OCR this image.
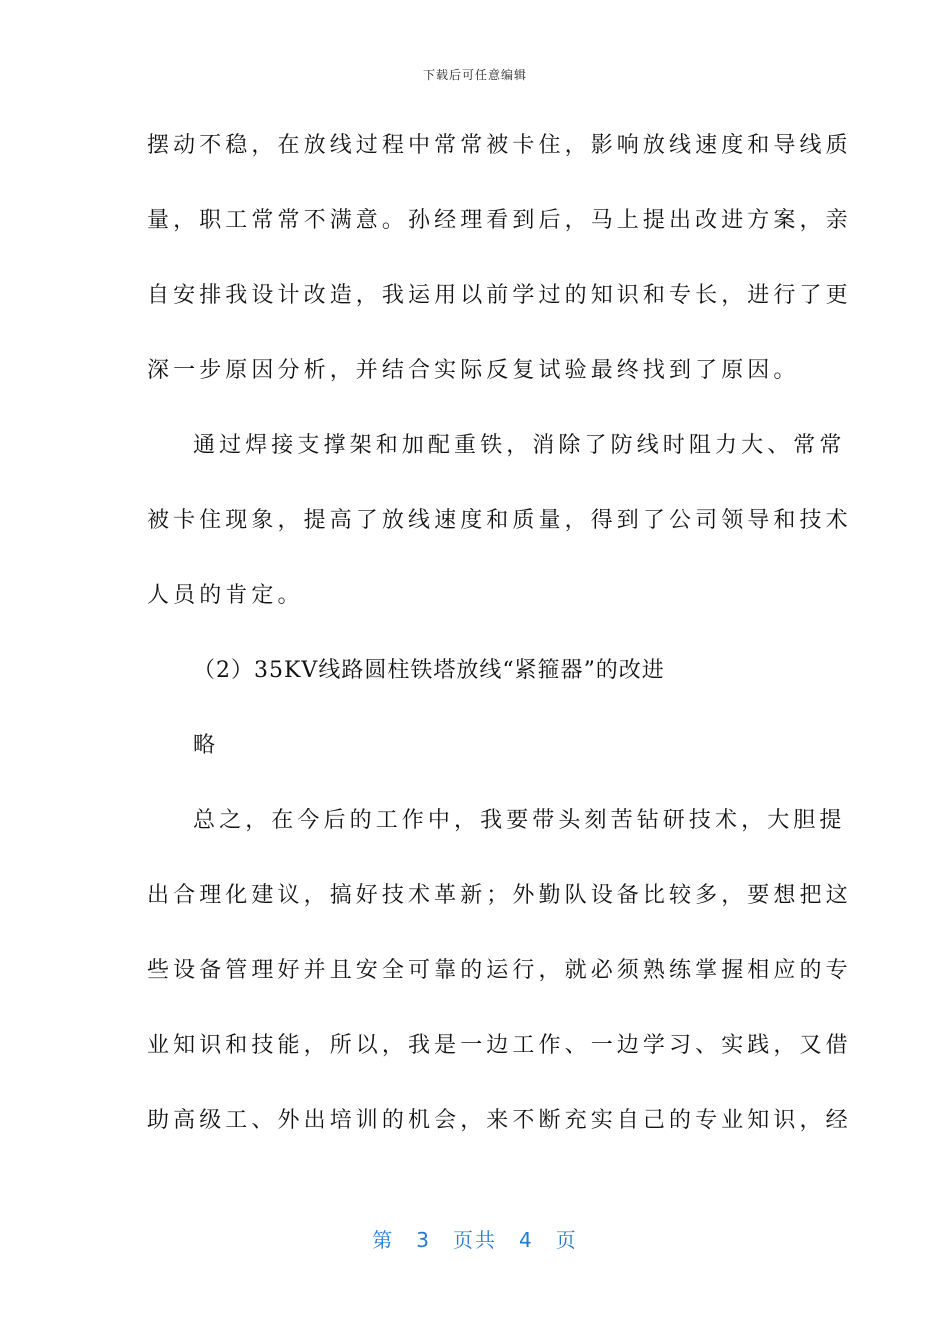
下载后可任意编辑
摆动不稳，在放线过程中常常被卡住，影响放线速度和导线质
量，职工常常不满意。孙经理看到后，马上提出改进方案，亲
自安排我设计改造，我运用以前学过的知识和专长，进行了更
深一步原因分析，并结合实际反复试验最终找到了原因。
通过焊接支撑架和加配重铁，消除了防线时阻力大、常常
被卡住现象，提高了放线速度和质量，得到了公司领导和技术
人员的肯定。
（2）35KV线路圆柱铁塔放线“紧箍器”的改进
略
总之，在今后的工作中，我要带头刻苦钻研技术，大胆提
出合理化建议，搞好技术革新；外勤队设备比较多，要想把这
些设备管理好并且安全可靠的运行，就必须熟练掌握相应的专
业知识和技能，所以，我是一边工作、一边学习、实践，又借
助高级工、外出培训的机会，来不断充实自己的专业知识，经
第 3 页共 4 页
